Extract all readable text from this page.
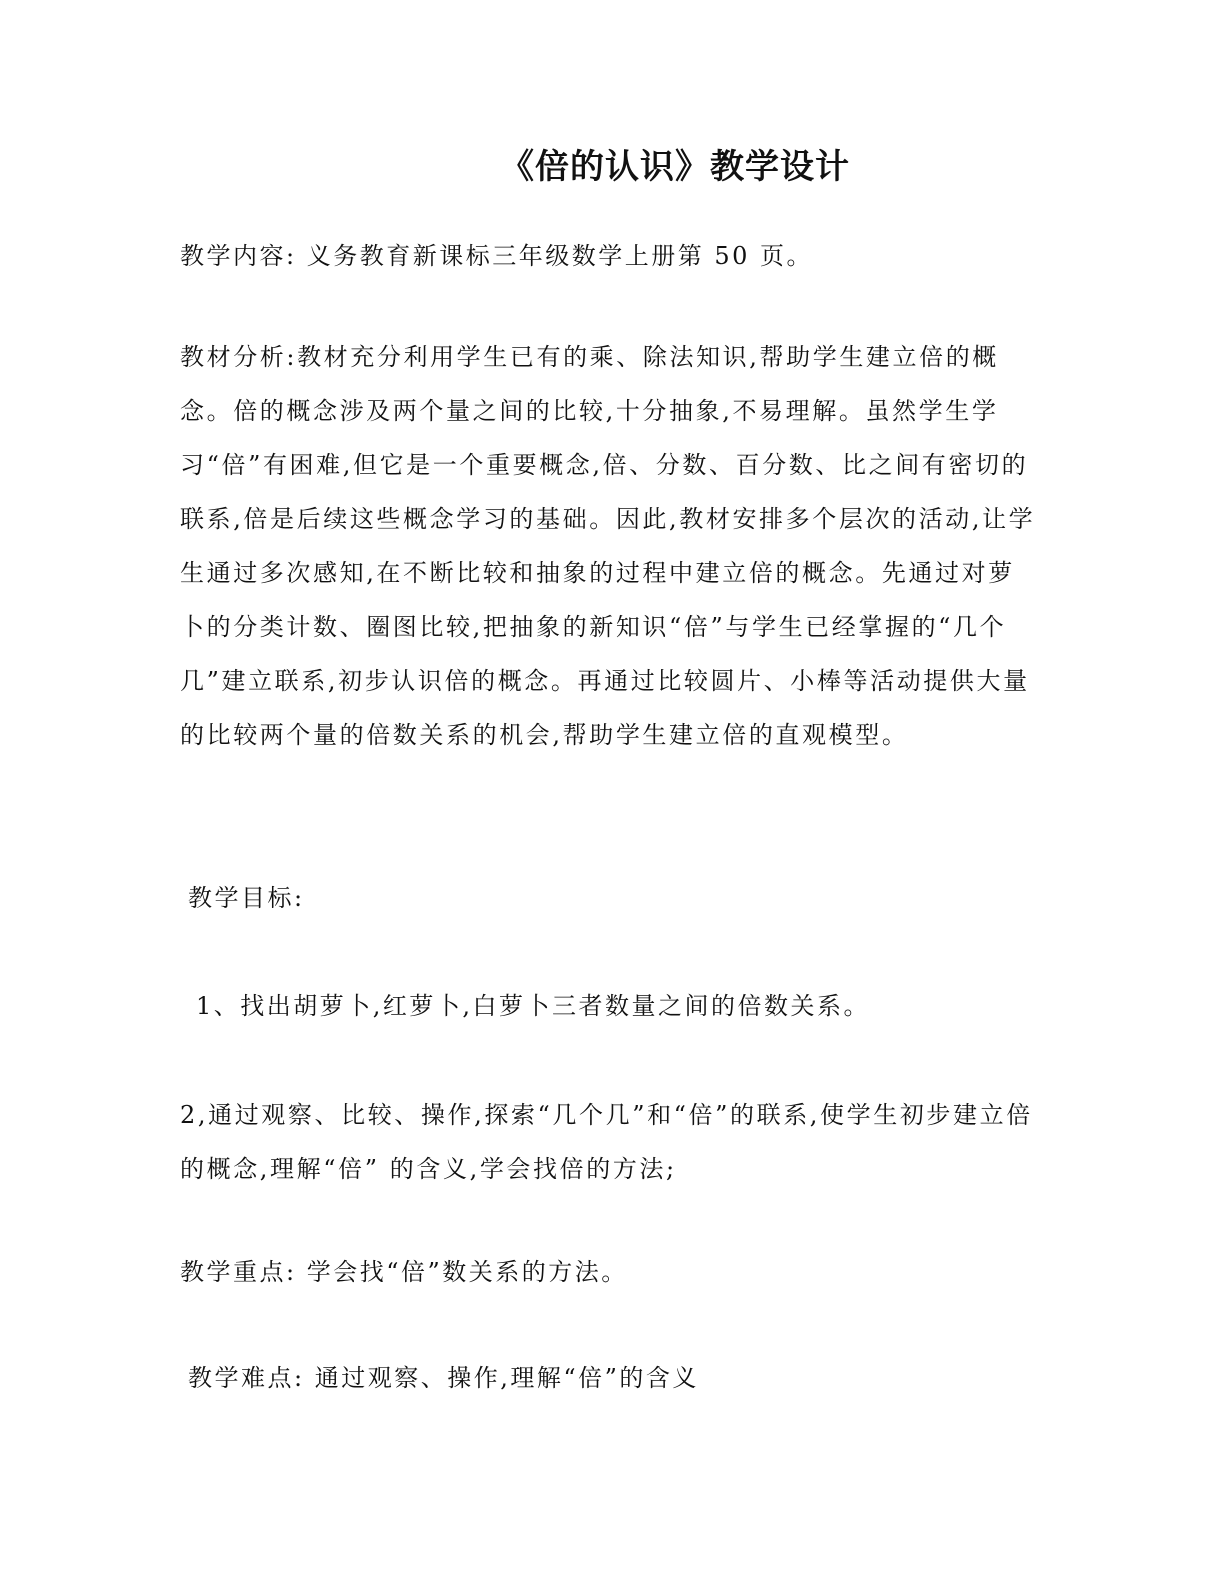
《倍的认识》教学设计
教学内容: 义务教育新课标三年级数学上册第 50 页。
教材分析:教材充分利用学生已有的乘、除法知识,帮助学生建立倍的概念。倍的概念涉及两个量之间的比较,十分抽象,不易理解。虽然学生学习“倍”有困难,但它是一个重要概念,倍、分数、百分数、比之间有密切的联系,倍是后续这些概念学习的基础。因此,教材安排多个层次的活动,让学生通过多次感知,在不断比较和抽象的过程中建立倍的概念。先通过对萝卜的分类计数、圈图比较,把抽象的新知识“倍”与学生已经掌握的“几个几”建立联系,初步认识倍的概念。再通过比较圆片、小棒等活动提供大量的比较两个量的倍数关系的机会,帮助学生建立倍的直观模型。
教学目标:
1、找出胡萝卜,红萝卜,白萝卜三者数量之间的倍数关系。
2,通过观察、比较、操作,探索“几个几”和“倍”的联系,使学生初步建立倍的概念,理解“倍” 的含义,学会找倍的方法;
教学重点: 学会找“倍”数关系的方法。
教学难点: 通过观察、操作,理解“倍”的含义
